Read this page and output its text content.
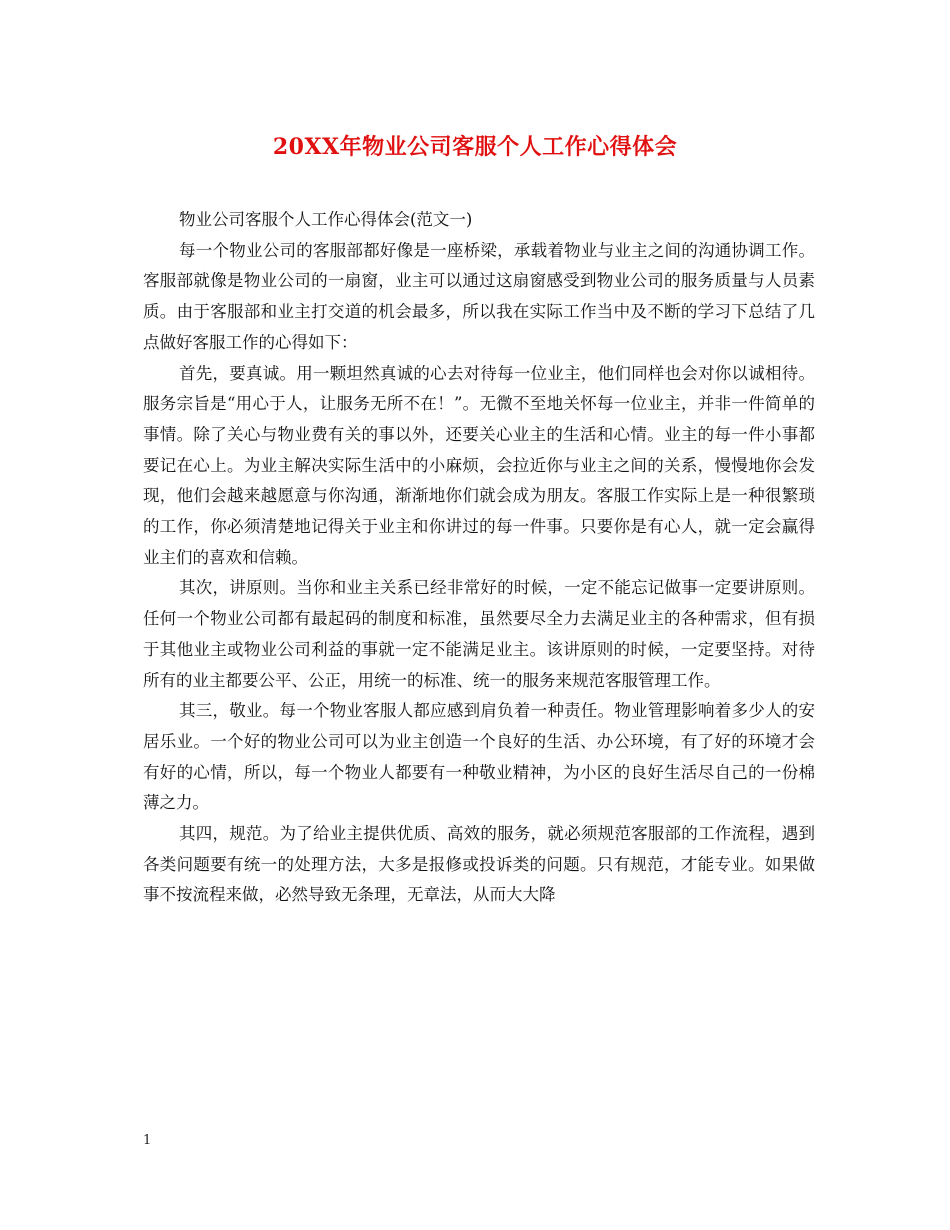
20XX年物业公司客服个人工作心得体会

物业公司客服个人工作心得体会(范文一)

每一个物业公司的客服部都好像是一座桥梁，承载着物业与业主之间的沟通协调工作。客服部就像是物业公司的一扇窗，业主可以通过这扇窗感受到物业公司的服务质量与人员素质。由于客服部和业主打交道的机会最多，所以我在实际工作当中及不断的学习下总结了几点做好客服工作的心得如下：

首先，要真诚。用一颗坦然真诚的心去对待每一位业主，他们同样也会对你以诚相待。服务宗旨是“用心于人，让服务无所不在！”。无微不至地关怀每一位业主，并非一件简单的事情。除了关心与物业费有关的事以外，还要关心业主的生活和心情。业主的每一件小事都要记在心上。为业主解决实际生活中的小麻烦，会拉近你与业主之间的关系，慢慢地你会发现，他们会越来越愿意与你沟通，渐渐地你们就会成为朋友。客服工作实际上是一种很繁琐的工作，你必须清楚地记得关于业主和你讲过的每一件事。只要你是有心人，就一定会赢得业主们的喜欢和信赖。

其次，讲原则。当你和业主关系已经非常好的时候，一定不能忘记做事一定要讲原则。任何一个物业公司都有最起码的制度和标准，虽然要尽全力去满足业主的各种需求，但有损于其他业主或物业公司利益的事就一定不能满足业主。该讲原则的时候，一定要坚持。对待所有的业主都要公平、公正，用统一的标准、统一的服务来规范客服管理工作。

其三，敬业。每一个物业客服人都应感到肩负着一种责任。物业管理影响着多少人的安居乐业。一个好的物业公司可以为业主创造一个良好的生活、办公环境，有了好的环境才会有好的心情，所以，每一个物业人都要有一种敬业精神，为小区的良好生活尽自己的一份棉薄之力。

其四，规范。为了给业主提供优质、高效的服务，就必须规范客服部的工作流程，遇到各类问题要有统一的处理方法，大多是报修或投诉类的问题。只有规范，才能专业。如果做事不按流程来做，必然导致无条理，无章法，从而大大降

1
